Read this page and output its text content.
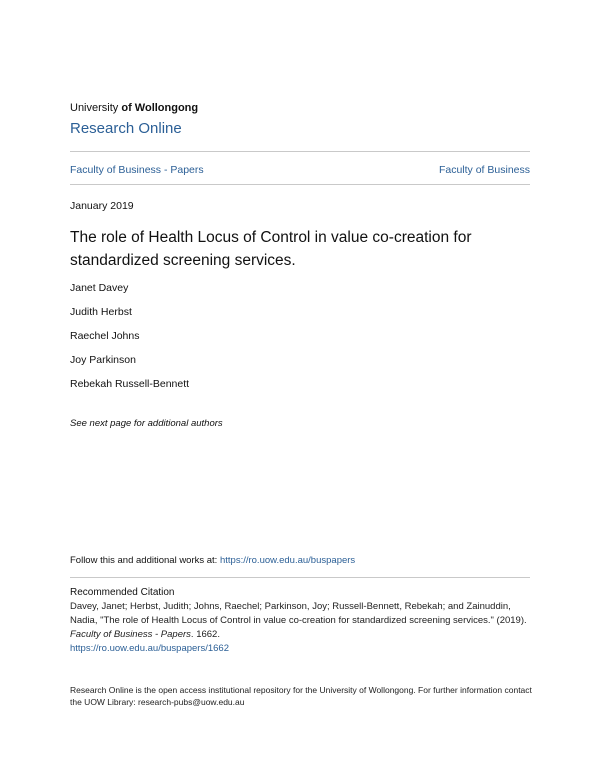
University of Wollongong
Research Online
Faculty of Business - Papers	Faculty of Business
January 2019
The role of Health Locus of Control in value co-creation for standardized screening services.
Janet Davey
Judith Herbst
Raechel Johns
Joy Parkinson
Rebekah Russell-Bennett
See next page for additional authors
Follow this and additional works at: https://ro.uow.edu.au/buspapers
Recommended Citation
Davey, Janet; Herbst, Judith; Johns, Raechel; Parkinson, Joy; Russell-Bennett, Rebekah; and Zainuddin, Nadia, "The role of Health Locus of Control in value co-creation for standardized screening services." (2019). Faculty of Business - Papers. 1662.
https://ro.uow.edu.au/buspapers/1662
Research Online is the open access institutional repository for the University of Wollongong. For further information contact the UOW Library: research-pubs@uow.edu.au
